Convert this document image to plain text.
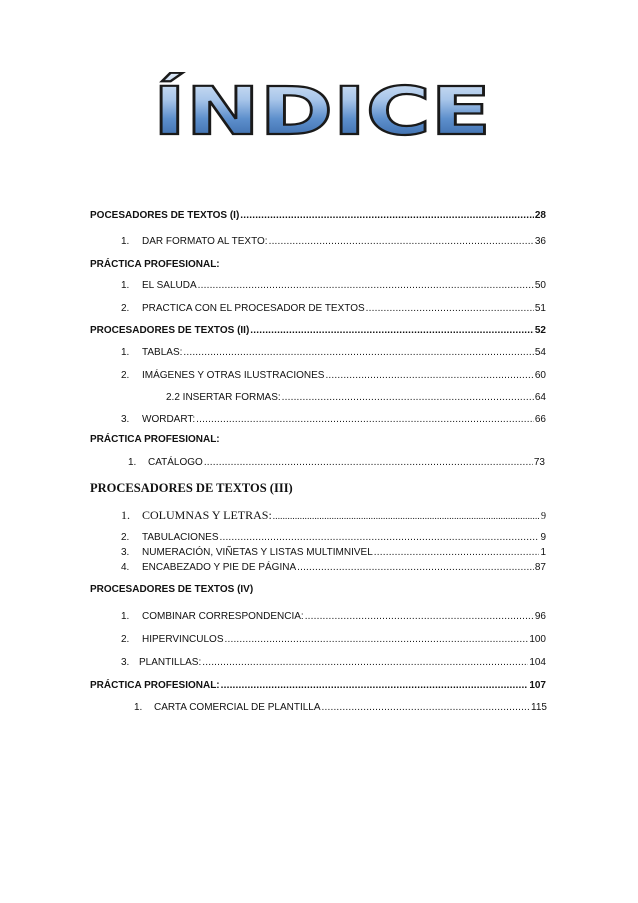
ÍNDICE
POCESADORES DE TEXTOS (I) .....	28
1.	DAR FORMATO AL TEXTO: .....	36
PRÁCTICA PROFESIONAL:
1.	EL SALUDA .....	50
2.	PRACTICA CON EL PROCESADOR DE TEXTOS .....	51
PROCESADORES DE TEXTOS (II) .....	52
1.	TABLAS: .....	54
2.	IMÁGENES Y OTRAS ILUSTRACIONES .....	60
2.2 INSERTAR FORMAS: .....	64
3.	WORDART: .....	66
PRÁCTICA PROFESIONAL:
1.	CATÁLOGO .....	73
PROCESADORES DE TEXTOS (III)
1.	COLUMNAS Y LETRAS: .....	9
2.	TABULACIONES .....	9
3.	NUMERACIÓN, VIÑETAS Y LISTAS MULTIMNIVEL .....	1
4.	ENCABEZADO Y PIE DE PÁGINA .....	87
PROCESADORES DE TEXTOS (IV)
1.	COMBINAR CORRESPONDENCIA: .....	96
2.	HIPERVINCULOS .....	100
3. PLANTILLAS: .....	104
PRÁCTICA PROFESIONAL: .....	107
1.	CARTA COMERCIAL DE PLANTILLA .....	115
